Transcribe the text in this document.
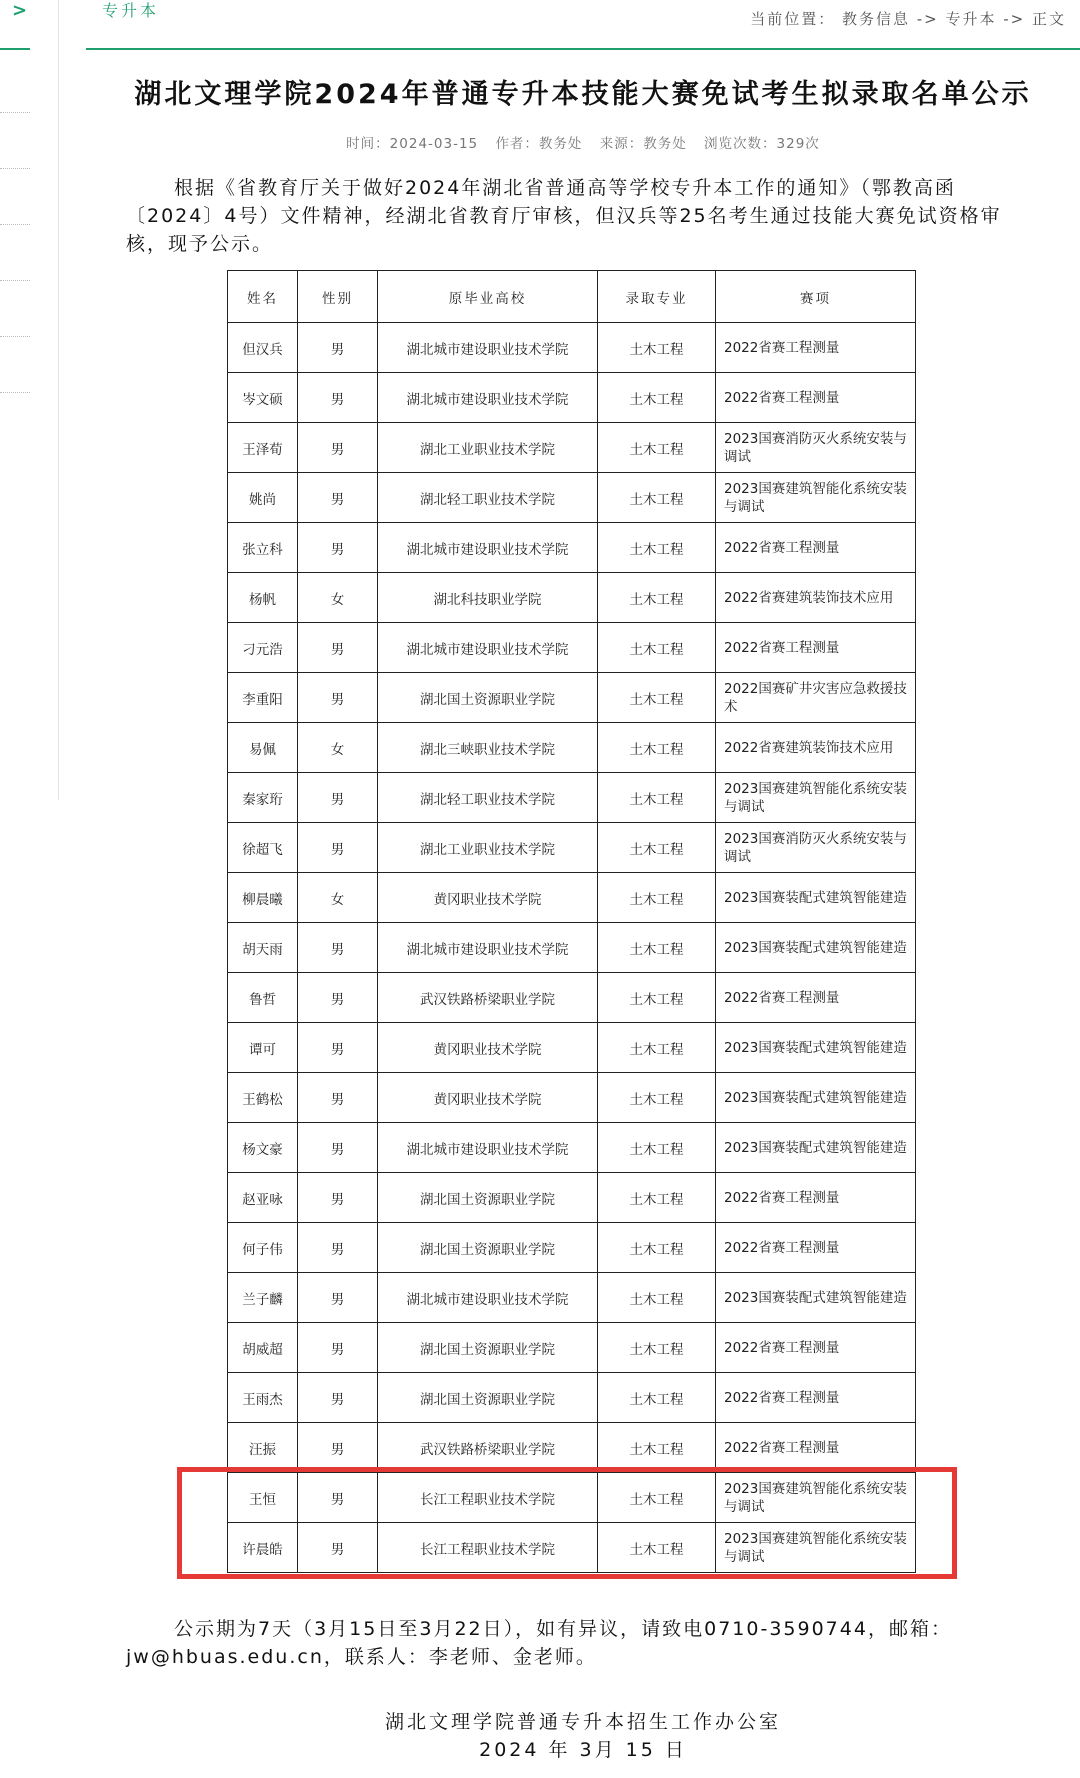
>	专升本	当前位置： 教务信息 -> 专升本 -> 正文
湖北文理学院2024年普通专升本技能大赛免试考生拟录取名单公示
时间：2024-03-15 作者：教务处 来源：教务处 浏览次数：329次
根据《省教育厅关于做好2024年湖北省普通高等学校专升本工作的通知》（鄂教高函〔2024〕4号）文件精神，经湖北省教育厅审核，但汉兵等25名考生通过技能大赛免试资格审核，现予公示。
姓名	性别	原毕业高校	录取专业	赛项
但汉兵	男	湖北城市建设职业技术学院	土木工程	2022省赛工程测量
岑文硕	男	湖北城市建设职业技术学院	土木工程	2022省赛工程测量
王泽荀	男	湖北工业职业技术学院	土木工程	2023国赛消防灭火系统安装与调试
姚尚	男	湖北轻工职业技术学院	土木工程	2023国赛建筑智能化系统安装与调试
张立科	男	湖北城市建设职业技术学院	土木工程	2022省赛工程测量
杨帆	女	湖北科技职业学院	土木工程	2022省赛建筑装饰技术应用
刁元浩	男	湖北城市建设职业技术学院	土木工程	2022省赛工程测量
李重阳	男	湖北国土资源职业学院	土木工程	2022国赛矿井灾害应急救援技术
易佩	女	湖北三峡职业技术学院	土木工程	2022省赛建筑装饰技术应用
秦家珩	男	湖北轻工职业技术学院	土木工程	2023国赛建筑智能化系统安装与调试
徐超飞	男	湖北工业职业技术学院	土木工程	2023国赛消防灭火系统安装与调试
柳晨曦	女	黄冈职业技术学院	土木工程	2023国赛装配式建筑智能建造
胡天雨	男	湖北城市建设职业技术学院	土木工程	2023国赛装配式建筑智能建造
鲁哲	男	武汉铁路桥梁职业学院	土木工程	2022省赛工程测量
谭可	男	黄冈职业技术学院	土木工程	2023国赛装配式建筑智能建造
王鹤松	男	黄冈职业技术学院	土木工程	2023国赛装配式建筑智能建造
杨文豪	男	湖北城市建设职业技术学院	土木工程	2023国赛装配式建筑智能建造
赵亚咏	男	湖北国土资源职业学院	土木工程	2022省赛工程测量
何子伟	男	湖北国土资源职业学院	土木工程	2022省赛工程测量
兰子麟	男	湖北城市建设职业技术学院	土木工程	2023国赛装配式建筑智能建造
胡威超	男	湖北国土资源职业学院	土木工程	2022省赛工程测量
王雨杰	男	湖北国土资源职业学院	土木工程	2022省赛工程测量
汪振	男	武汉铁路桥梁职业学院	土木工程	2022省赛工程测量
王恒	男	长江工程职业技术学院	土木工程	2023国赛建筑智能化系统安装与调试
许晨皓	男	长江工程职业技术学院	土木工程	2023国赛建筑智能化系统安装与调试
公示期为7天（3月15日至3月22日），如有异议，请致电0710-3590744，邮箱：jw@hbuas.edu.cn，联系人：李老师、金老师。
湖北文理学院普通专升本招生工作办公室
2024 年 3月 15 日
